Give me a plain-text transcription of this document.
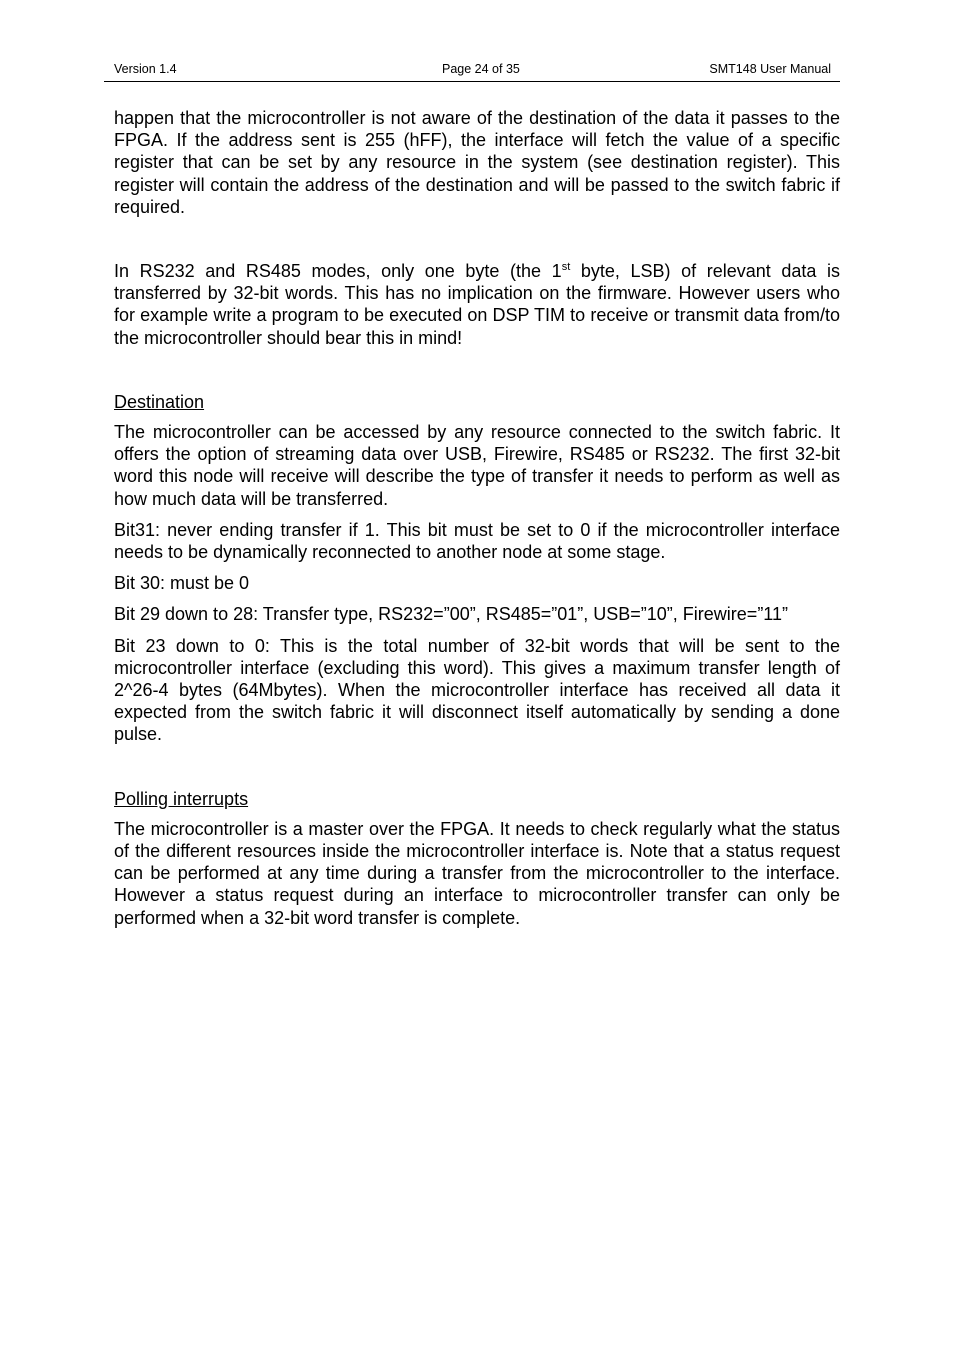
Version 1.4	Page 24 of 35	SMT148 User Manual

happen that the microcontroller is not aware of the destination of the data it passes to the FPGA. If the address sent is 255 (hFF), the interface will fetch the value of a specific register that can be set by any resource in the system (see destination register). This register will contain the address of the destination and will be passed to the switch fabric if required.

In RS232 and RS485 modes, only one byte (the 1st byte, LSB) of relevant data is transferred by 32-bit words. This has no implication on the firmware. However users who for example write a program to be executed on DSP TIM to receive or transmit data from/to the microcontroller should bear this in mind!

Destination

The microcontroller can be accessed by any resource connected to the switch fabric. It offers the option of streaming data over USB, Firewire, RS485 or RS232. The first 32-bit word this node will receive will describe the type of transfer it needs to perform as well as how much data will be transferred.

Bit31: never ending transfer if 1. This bit must be set to 0 if the microcontroller interface needs to be dynamically reconnected to another node at some stage.

Bit 30: must be 0

Bit 29 down to 28: Transfer type, RS232=”00”, RS485=”01”, USB=”10”, Firewire=”11”

Bit 23 down to 0: This is the total number of 32-bit words that will be sent to the microcontroller interface (excluding this word). This gives a maximum transfer length of 2^26-4 bytes (64Mbytes). When the microcontroller interface has received all data it expected from the switch fabric it will disconnect itself automatically by sending a done pulse.

Polling interrupts

The microcontroller is a master over the FPGA. It needs to check regularly what the status of the different resources inside the microcontroller interface is. Note that a status request can be performed at any time during a transfer from the microcontroller to the interface. However a status request during an interface to microcontroller transfer can only be performed when a 32-bit word transfer is complete.
